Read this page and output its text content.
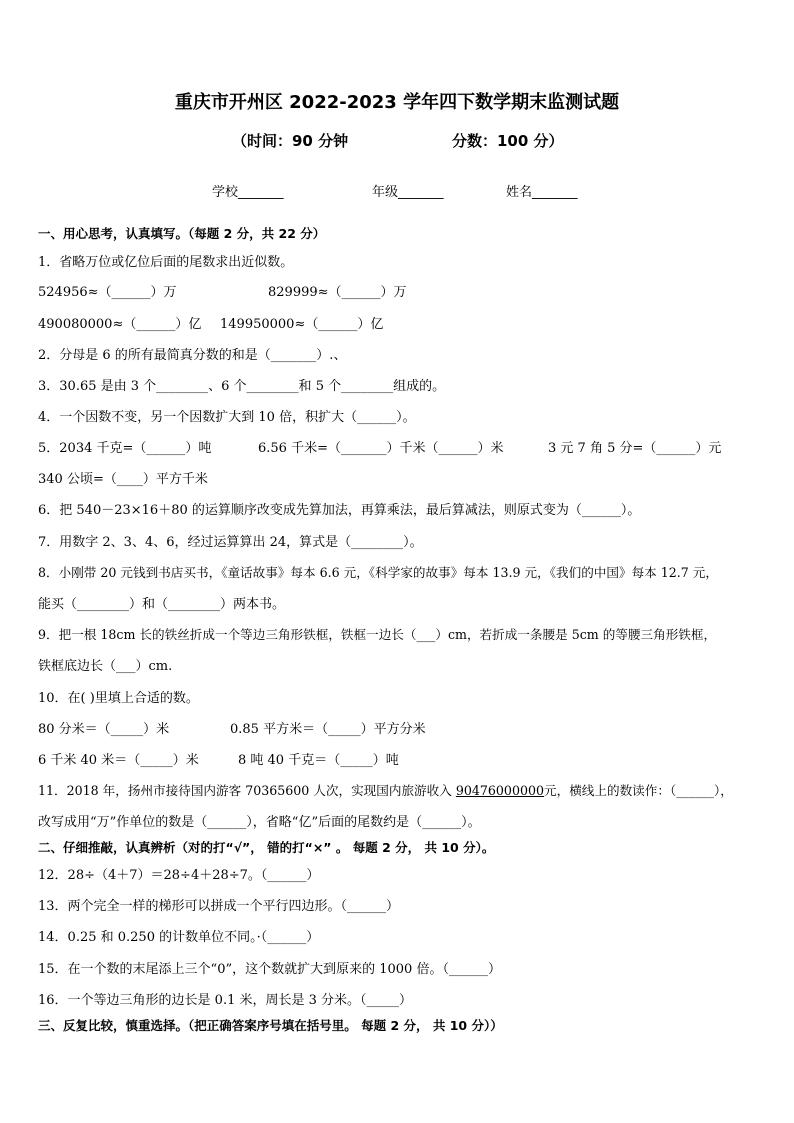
重庆市开州区 2022-2023 学年四下数学期末监测试题
（时间：90 分钟	分数：100 分）
学校_______	年级_______	姓名_______
一、用心思考，认真填写。（每题 2 分，共 22 分）
1．省略万位或亿位后面的尾数求出近似数。
524956≈（______）万	829999≈（______）万
490080000≈（______）亿 149950000≈（______）亿
2．分母是 6 的所有最简真分数的和是（_______）.、
3．30.65 是由 3 个________、6 个________和 5 个________组成的。
4．一个因数不变，另一个因数扩大到 10 倍，积扩大（______）。
5．2034 千克=（______）吨	6.56 千米=（_______）千米（______）米	3 元 7 角 5 分=（______）元
340 公顷=（____）平方千米
6．把 540－23×16＋80 的运算顺序改变成先算加法，再算乘法，最后算减法，则原式变为（______）。
7．用数字 2、3、4、6，经过运算算出 24，算式是（________）。
8．小刚带 20 元钱到书店买书，《童话故事》每本 6.6 元，《科学家的故事》每本 13.9 元，《我们的中国》每本 12.7 元，
能买（________）和（________）两本书。
9．把一根 18cm 长的铁丝折成一个等边三角形铁框，铁框一边长（___）cm，若折成一条腰是 5cm 的等腰三角形铁框，
铁框底边长（___）cm.
10．在( )里填上合适的数。
80 分米＝（_____）米	0.85 平方米＝（_____）平方分米
6 千米 40 米＝（_____）米	8 吨 40 千克＝（_____）吨
11．2018 年，扬州市接待国内游客 70365600 人次，实现国内旅游收入 90476000000元，横线上的数读作：（______），
改写成用“万”作单位的数是（______），省略“亿”后面的尾数约是（______）。
二、仔细推敲，认真辨析（对的打“√”， 错的打“×” 。 每题 2 分， 共 10 分）。
12．28÷（4＋7）＝28÷4＋28÷7。（______）
13．两个完全一样的梯形可以拼成一个平行四边形。（______）
14．0.25 和 0.250 的计数单位不同。·（______）
15．在一个数的末尾添上三个“0”，这个数就扩大到原来的 1000 倍。（______）
16．一个等边三角形的边长是 0.1 米，周长是 3 分米。（_____）
三、反复比较，慎重选择。（把正确答案序号填在括号里。 每题 2 分， 共 10 分））
